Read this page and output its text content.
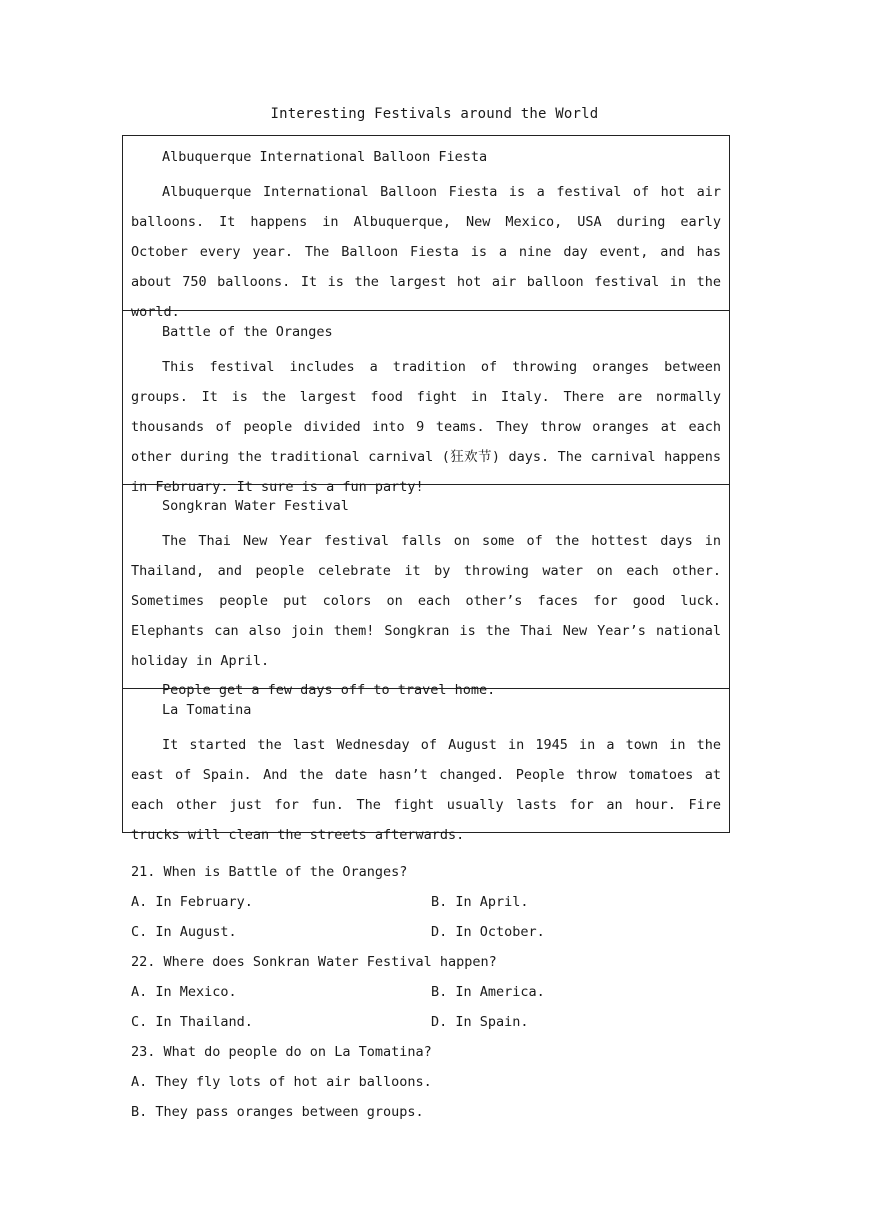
Interesting Festivals around the World

Albuquerque International Balloon Fiesta

Albuquerque International Balloon Fiesta is a festival of hot air balloons. It happens in Albuquerque, New Mexico, USA during early October every year. The Balloon Fiesta is a nine day event, and has about 750 balloons. It is the largest hot air balloon festival in the world.

Battle of the Oranges

This festival includes a tradition of throwing oranges between groups. It is the largest food fight in Italy. There are normally thousands of people divided into 9 teams. They throw oranges at each other during the traditional carnival (狂欢节) days. The carnival happens in February. It sure is a fun party!

Songkran Water Festival

The Thai New Year festival falls on some of the hottest days in Thailand, and people celebrate it by throwing water on each other. Sometimes people put colors on each other’s faces for good luck. Elephants can also join them! Songkran is the Thai New Year’s national holiday in April.

People get a few days off to travel home.

La Tomatina

It started the last Wednesday of August in 1945 in a town in the east of Spain. And the date hasn’t changed. People throw tomatoes at each other just for fun. The fight usually lasts for an hour. Fire trucks will clean the streets afterwards.

21. When is Battle of the Oranges?
A. In February.	B. In April.
C. In August.	D. In October.
22. Where does Sonkran Water Festival happen?
A. In Mexico.	B. In America.
C. In Thailand.	D. In Spain.
23. What do people do on La Tomatina?
A. They fly lots of hot air balloons.
B. They pass oranges between groups.
